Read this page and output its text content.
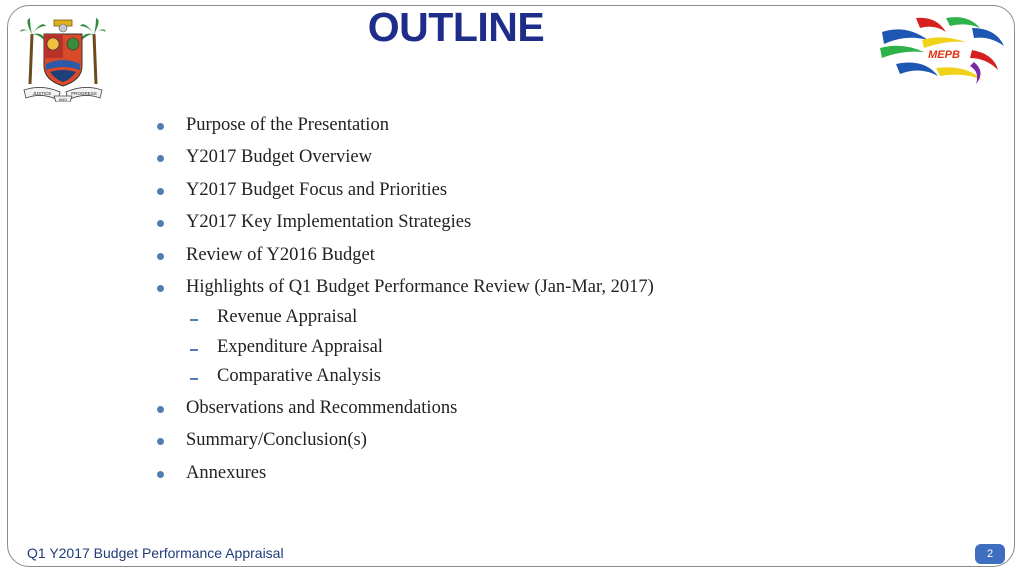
JUSTICE	PROGRESS
AND
OUTLINE
MEPB
Purpose of the Presentation
Y2017 Budget Overview
Y2017 Budget Focus and Priorities
Y2017 Key Implementation Strategies
Review of Y2016 Budget
Highlights of Q1 Budget Performance Review (Jan-Mar, 2017)
Revenue Appraisal
Expenditure Appraisal
Comparative Analysis
Observations and Recommendations
Summary/Conclusion(s)
Annexures
Q1 Y2017 Budget Performance Appraisal	2
